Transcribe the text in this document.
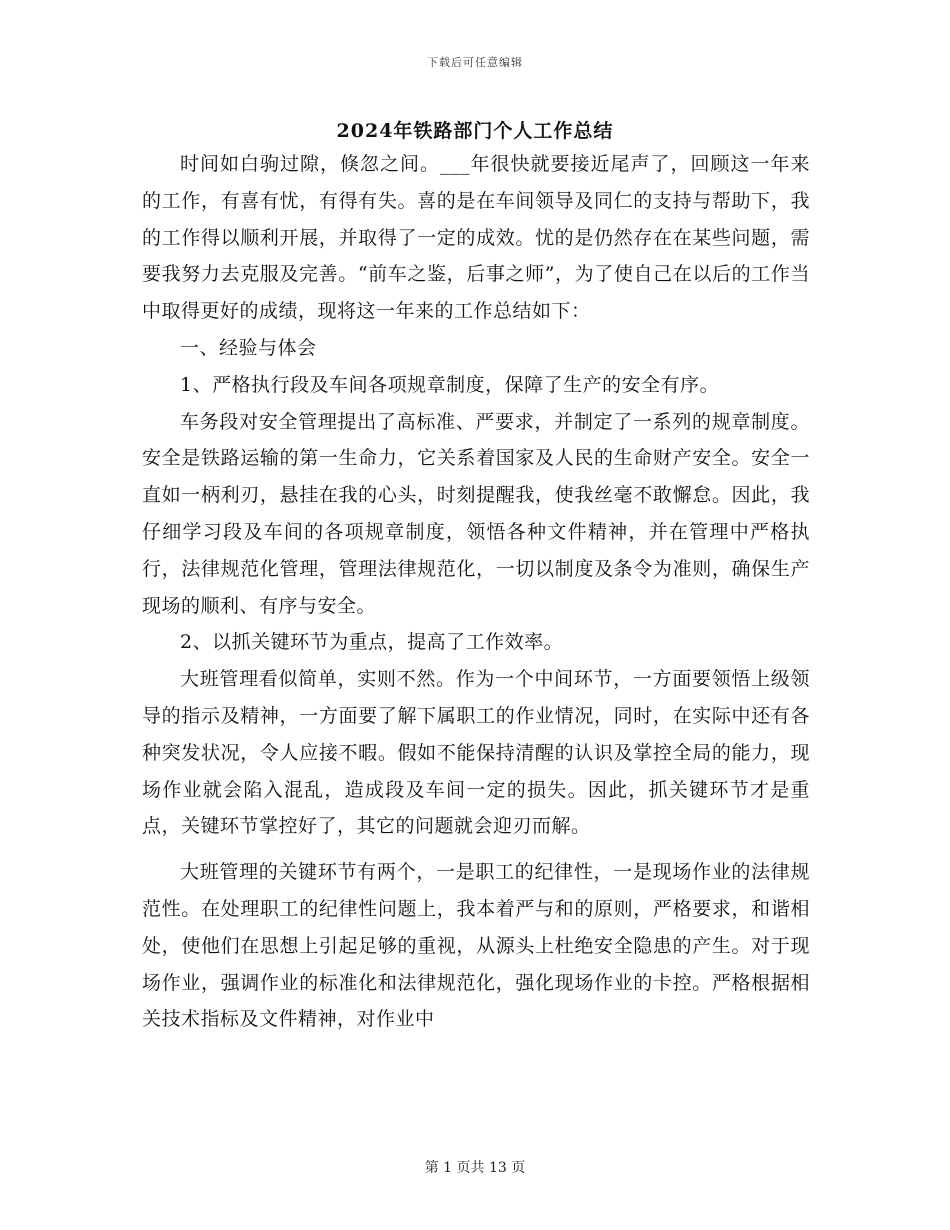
下载后可任意编辑
2024年铁路部门个人工作总结

时间如白驹过隙，倏忽之间。___年很快就要接近尾声了，回顾这一年来的工作，有喜有忧，有得有失。喜的是在车间领导及同仁的支持与帮助下，我的工作得以顺利开展，并取得了一定的成效。忧的是仍然存在在某些问题，需要我努力去克服及完善。“前车之鉴，后事之师”，为了使自己在以后的工作当中取得更好的成绩，现将这一年来的工作总结如下：

一、经验与体会

1、严格执行段及车间各项规章制度，保障了生产的安全有序。

车务段对安全管理提出了高标准、严要求，并制定了一系列的规章制度。安全是铁路运输的第一生命力，它关系着国家及人民的生命财产安全。安全一直如一柄利刃，悬挂在我的心头，时刻提醒我，使我丝毫不敢懈怠。因此，我仔细学习段及车间的各项规章制度，领悟各种文件精神，并在管理中严格执行，法律规范化管理，管理法律规范化，一切以制度及条令为准则，确保生产现场的顺利、有序与安全。

2、以抓关键环节为重点，提高了工作效率。

大班管理看似简单，实则不然。作为一个中间环节，一方面要领悟上级领导的指示及精神，一方面要了解下属职工的作业情况，同时，在实际中还有各种突发状况，令人应接不暇。假如不能保持清醒的认识及掌控全局的能力，现场作业就会陷入混乱，造成段及车间一定的损失。因此，抓关键环节才是重点，关键环节掌控好了，其它的问题就会迎刃而解。

大班管理的关键环节有两个，一是职工的纪律性，一是现场作业的法律规范性。在处理职工的纪律性问题上，我本着严与和的原则，严格要求，和谐相处，使他们在思想上引起足够的重视，从源头上杜绝安全隐患的产生。对于现场作业，强调作业的标准化和法律规范化，强化现场作业的卡控。严格根据相关技术指标及文件精神，对作业中

第 1 页共 13 页
